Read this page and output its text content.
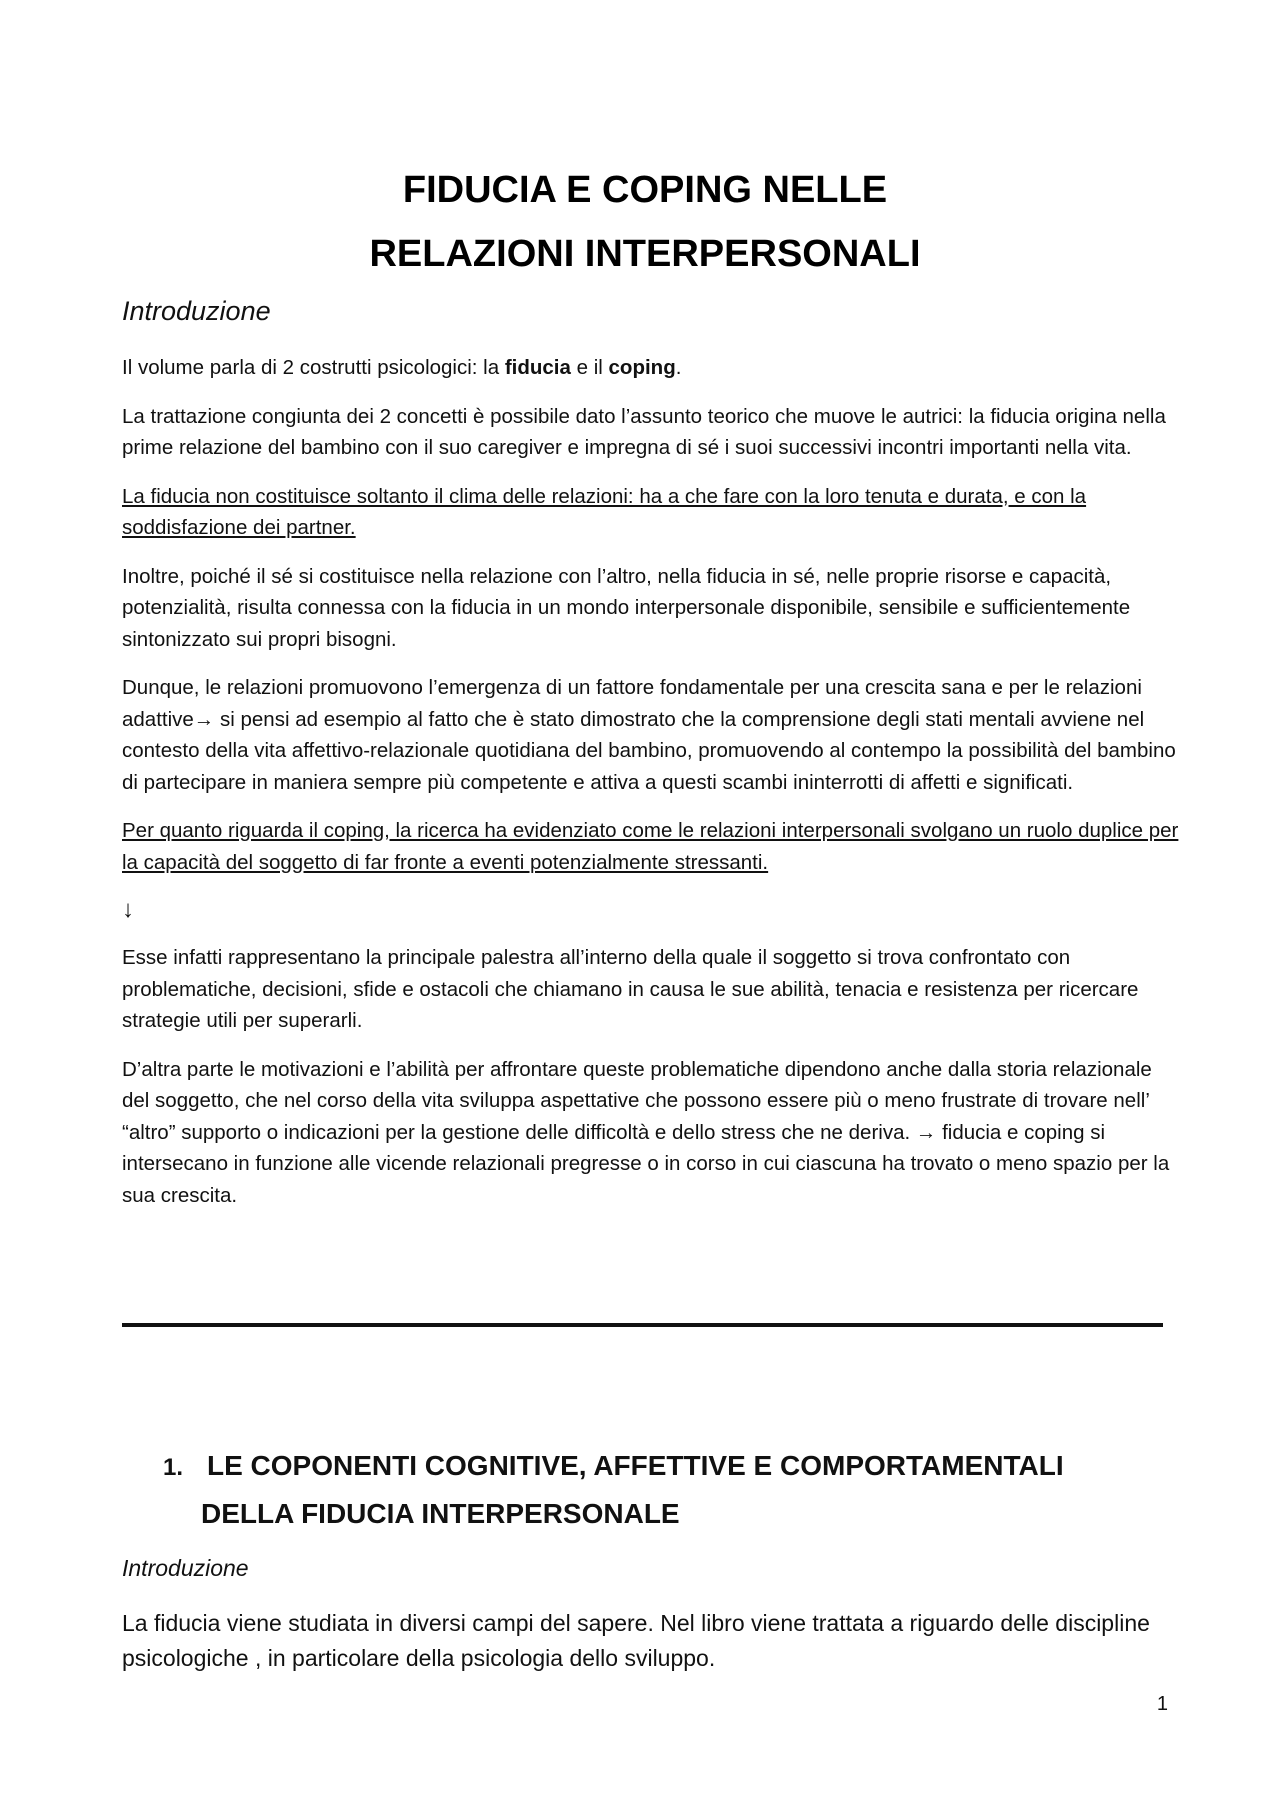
FIDUCIA E COPING NELLE
RELAZIONI INTERPERSONALI
Introduzione

Il volume parla di 2 costrutti psicologici: la fiducia e il coping.

La trattazione congiunta dei 2 concetti è possibile dato l’assunto teorico che muove le autrici: la fiducia origina nella prime relazione del bambino con il suo caregiver e impregna di sé i suoi successivi incontri importanti nella vita.

La fiducia non costituisce soltanto il clima delle relazioni: ha a che fare con la loro tenuta e durata, e con la soddisfazione dei partner.

Inoltre, poiché il sé si costituisce nella relazione con l’altro, nella fiducia in sé, nelle proprie risorse e capacità, potenzialità, risulta connessa con la fiducia in un mondo interpersonale disponibile, sensibile e sufficientemente sintonizzato sui propri bisogni.

Dunque, le relazioni promuovono l’emergenza di un fattore fondamentale per una crescita sana e per le relazioni adattive→ si pensi ad esempio al fatto che è stato dimostrato che la comprensione degli stati mentali avviene nel contesto della vita affettivo-relazionale quotidiana del bambino, promuovendo al contempo la possibilità del bambino di partecipare in maniera sempre più competente e attiva a questi scambi ininterrotti di affetti e significati.

Per quanto riguarda il coping, la ricerca ha evidenziato come le relazioni interpersonali svolgano un ruolo duplice per la capacità del soggetto di far fronte a eventi potenzialmente stressanti.

↓

Esse infatti rappresentano la principale palestra all’interno della quale il soggetto si trova confrontato con problematiche, decisioni, sfide e ostacoli che chiamano in causa le sue abilità, tenacia e resistenza per ricercare strategie utili per superarli.

D’altra parte le motivazioni e l’abilità per affrontare queste problematiche dipendono anche dalla storia relazionale del soggetto, che nel corso della vita sviluppa aspettative che possono essere più o meno frustrate di trovare nell’ “altro” supporto o indicazioni per la gestione delle difficoltà e dello stress che ne deriva. → fiducia e coping si intersecano in funzione alle vicende relazionali pregresse o in corso in cui ciascuna ha trovato o meno spazio per la sua crescita.

1. LE COPONENTI COGNITIVE, AFFETTIVE E COMPORTAMENTALI
DELLA FIDUCIA INTERPERSONALE
Introduzione

La fiducia viene studiata in diversi campi del sapere. Nel libro viene trattata a riguardo delle discipline psicologiche , in particolare della psicologia dello sviluppo.

1
